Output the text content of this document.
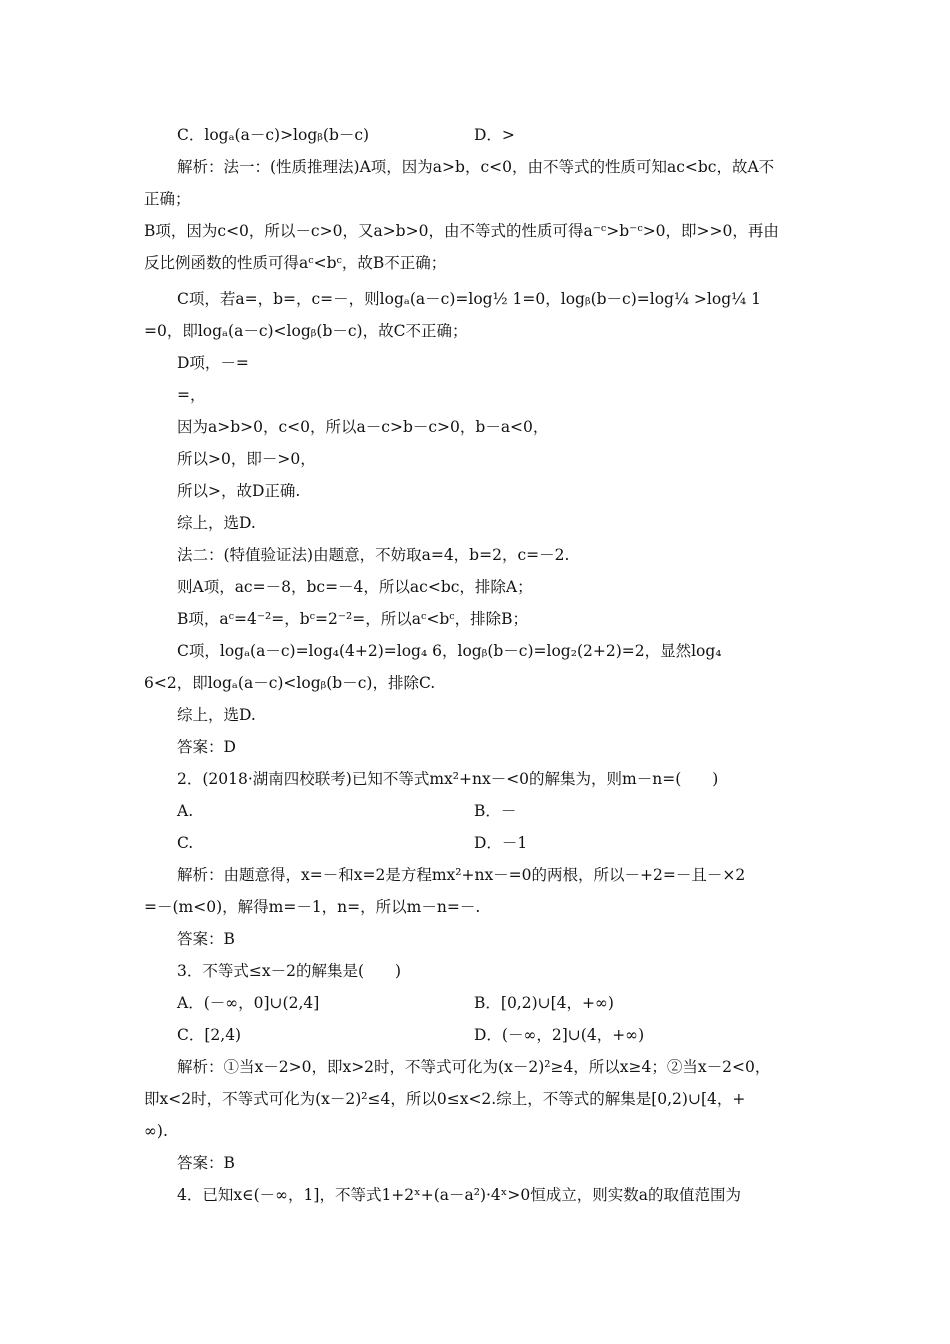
C．logₐ(a－c)>logᵦ(b－c)	D．>
解析：法一：(性质推理法)A项，因为a>b，c<0，由不等式的性质可知ac<bc，故A不
正确；
B项，因为c<0，所以－c>0，又a>b>0，由不等式的性质可得a⁻ᶜ>b⁻ᶜ>0，即>>0，再由
反比例函数的性质可得aᶜ<bᶜ，故B不正确；
C项，若a=，b=，c=－，则logₐ(a－c)=log½ 1=0，logᵦ(b－c)=log¼ >log¼ 1
=0，即logₐ(a－c)<logᵦ(b－c)，故C不正确；
D项，－=
=，
因为a>b>0，c<0，所以a－c>b－c>0，b－a<0，
所以>0，即－>0，
所以>，故D正确.
综上，选D.
法二：(特值验证法)由题意，不妨取a=4，b=2，c=－2.
则A项，ac=－8，bc=－4，所以ac<bc，排除A；
B项，aᶜ=4⁻²=，bᶜ=2⁻²=，所以aᶜ<bᶜ，排除B；
C项，logₐ(a－c)=log₄(4+2)=log₄ 6，logᵦ(b－c)=log₂(2+2)=2，显然log₄
6<2，即logₐ(a－c)<logᵦ(b－c)，排除C.
综上，选D.
答案：D
2．(2018·湖南四校联考)已知不等式mx²+nx－<0的解集为，则m－n=(　　)
A.	B．－
C.	D．－1
解析：由题意得，x=－和x=2是方程mx²+nx－=0的两根，所以－+2=－且－×2
=－(m<0)，解得m=－1，n=，所以m－n=－.
答案：B
3．不等式≤x－2的解集是(　　)
A．(－∞，0]∪(2,4]	B．[0,2)∪[4，+∞)
C．[2,4)	D．(－∞，2]∪(4，+∞)
解析：①当x－2>0，即x>2时，不等式可化为(x－2)²≥4，所以x≥4；②当x－2<0，
即x<2时，不等式可化为(x－2)²≤4，所以0≤x<2.综上，不等式的解集是[0,2)∪[4，+
∞).
答案：B
4．已知x∈(－∞，1]，不等式1+2ˣ+(a－a²)·4ˣ>0恒成立，则实数a的取值范围为
